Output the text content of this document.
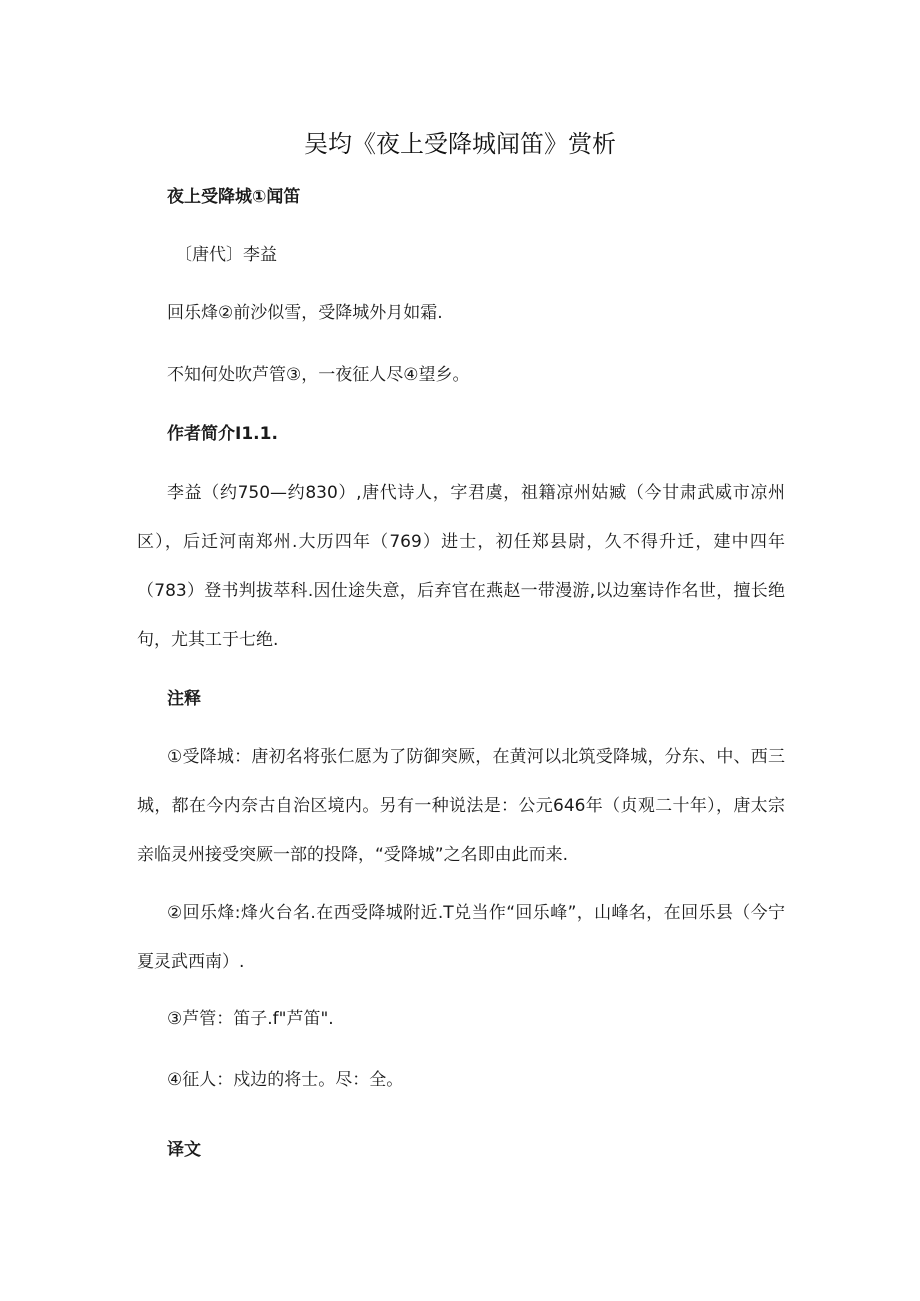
吴均《夜上受降城闻笛》赏析
夜上受降城①闻笛
〔唐代〕李益
回乐烽②前沙似雪，受降城外月如霜.
不知何处吹芦管③，一夜征人尽④望乡。
作者简介I1.1.
李益（约750—约830）,唐代诗人，字君虞，祖籍凉州姑臧（今甘肃武威市凉州区），后迁河南郑州.大历四年（769）进士，初任郑县尉，久不得升迁，建中四年（783）登书判拔萃科.因仕途失意，后弃官在燕赵一带漫游,以边塞诗作名世，擅长绝句，尤其工于七绝.
注释
①受降城：唐初名将张仁愿为了防御突厥，在黄河以北筑受降城，分东、中、西三城，都在今内奈古自治区境内。另有一种说法是：公元646年（贞观二十年），唐太宗亲临灵州接受突厥一部的投降，“受降城”之名即由此而来.
②回乐烽:烽火台名.在西受降城附近.T兑当作“回乐峰”，山峰名，在回乐县（今宁夏灵武西南）.
③芦管：笛子.f"芦笛".
④征人：戍边的将士。尽：全。
译文
